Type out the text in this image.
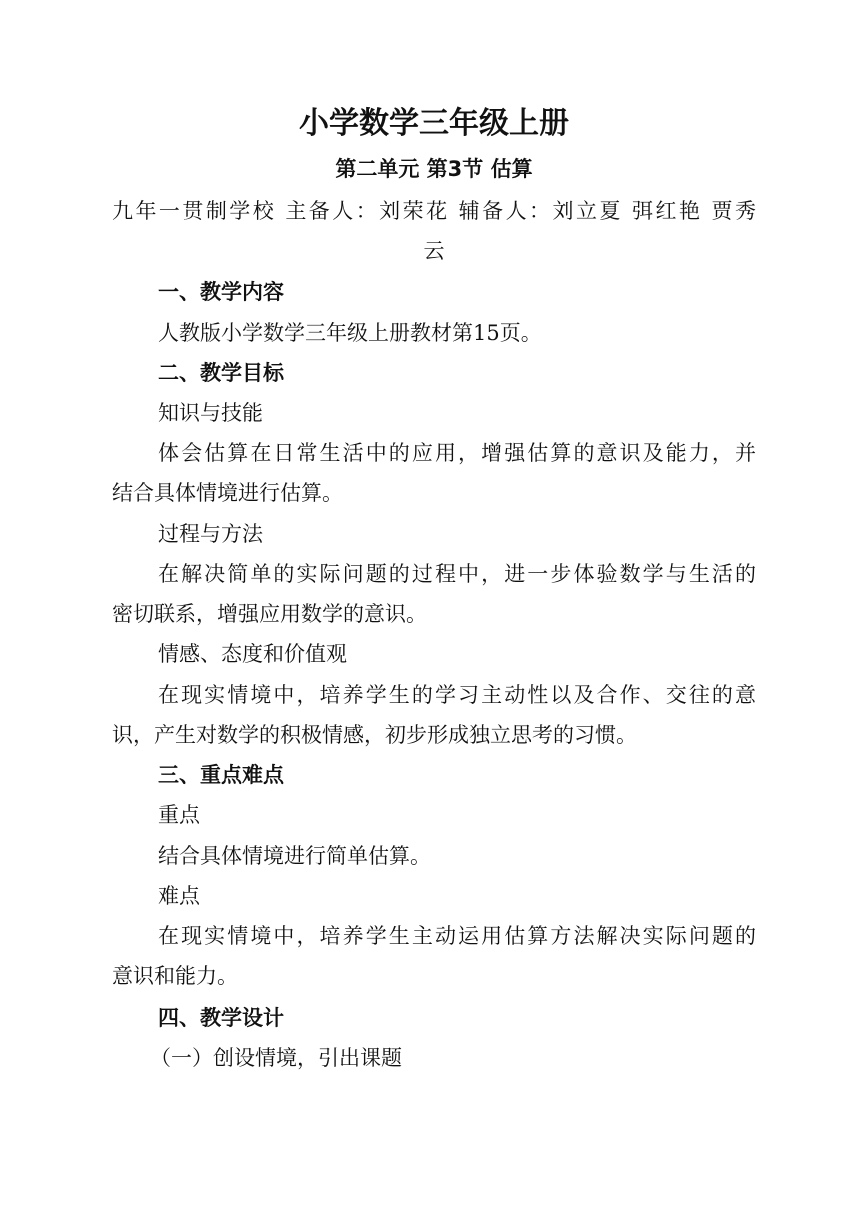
小学数学三年级上册
第二单元 第3节 估算
九年一贯制学校 主备人：刘荣花 辅备人：刘立夏 弭红艳 贾秀
云
一、教学内容
人教版小学数学三年级上册教材第15页。
二、教学目标
知识与技能
体会估算在日常生活中的应用，增强估算的意识及能力，并
结合具体情境进行估算。
过程与方法
在解决简单的实际问题的过程中，进一步体验数学与生活的
密切联系，增强应用数学的意识。
情感、态度和价值观
在现实情境中，培养学生的学习主动性以及合作、交往的意
识，产生对数学的积极情感，初步形成独立思考的习惯。
三、重点难点
重点
结合具体情境进行简单估算。
难点
在现实情境中，培养学生主动运用估算方法解决实际问题的
意识和能力。
四、教学设计
（一）创设情境，引出课题
